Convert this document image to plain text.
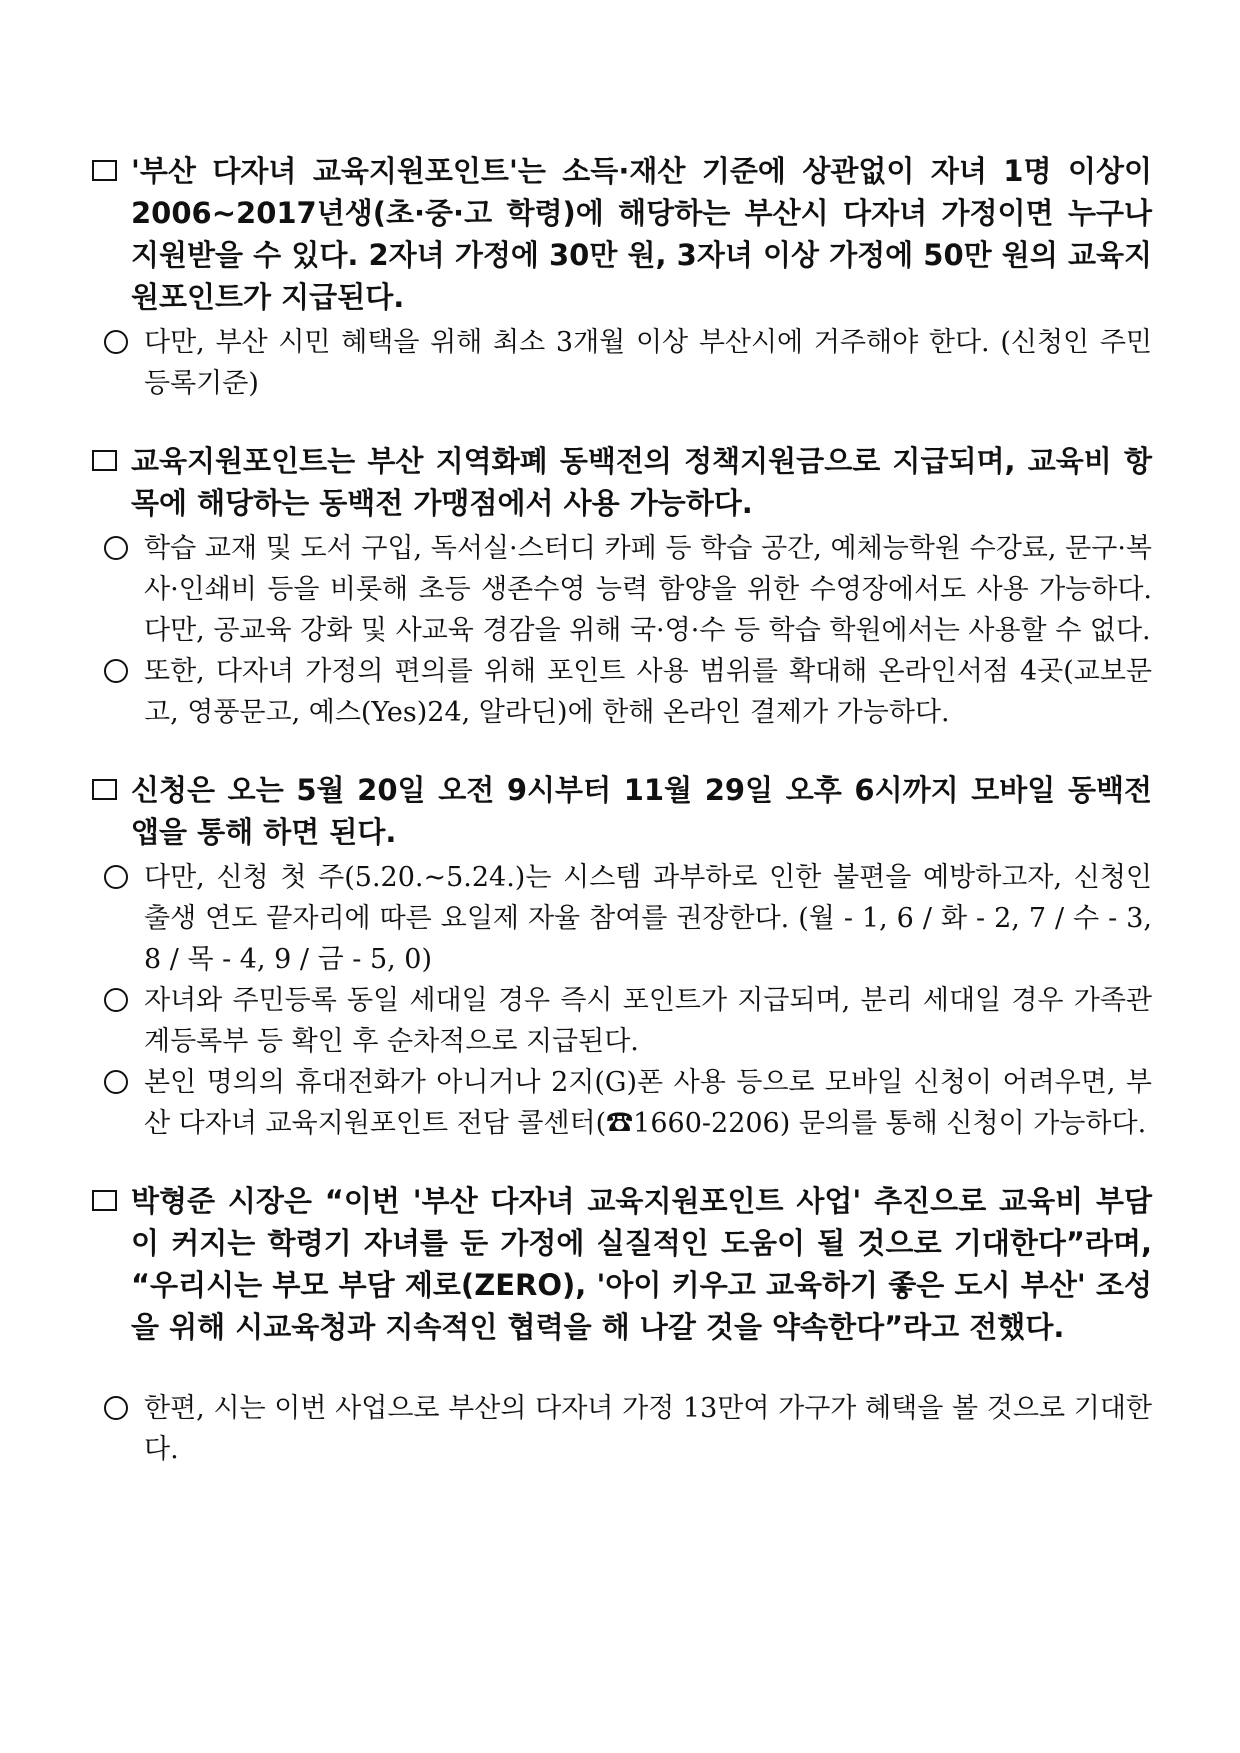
'부산 다자녀 교육지원포인트'는 소득·재산 기준에 상관없이 자녀 1명 이상이 2006~2017년생(초·중·고 학령)에 해당하는 부산시 다자녀 가정이면 누구나 지원받을 수 있다. 2자녀 가정에 30만 원, 3자녀 이상 가정에 50만 원의 교육지원포인트가 지급된다.
다만, 부산 시민 혜택을 위해 최소 3개월 이상 부산시에 거주해야 한다. (신청인 주민등록기준)
교육지원포인트는 부산 지역화폐 동백전의 정책지원금으로 지급되며, 교육비 항목에 해당하는 동백전 가맹점에서 사용 가능하다.
학습 교재 및 도서 구입, 독서실·스터디 카페 등 학습 공간, 예체능학원 수강료, 문구·복사·인쇄비 등을 비롯해 초등 생존수영 능력 함양을 위한 수영장에서도 사용 가능하다. 다만, 공교육 강화 및 사교육 경감을 위해 국·영·수 등 학습 학원에서는 사용할 수 없다.
또한, 다자녀 가정의 편의를 위해 포인트 사용 범위를 확대해 온라인서점 4곳(교보문고, 영풍문고, 예스(Yes)24, 알라딘)에 한해 온라인 결제가 가능하다.
신청은 오는 5월 20일 오전 9시부터 11월 29일 오후 6시까지 모바일 동백전 앱을 통해 하면 된다.
다만, 신청 첫 주(5.20.~5.24.)는 시스템 과부하로 인한 불편을 예방하고자, 신청인 출생 연도 끝자리에 따른 요일제 자율 참여를 권장한다. (월 - 1, 6 / 화 - 2, 7 / 수 - 3, 8 / 목 - 4, 9 / 금 - 5, 0)
자녀와 주민등록 동일 세대일 경우 즉시 포인트가 지급되며, 분리 세대일 경우 가족관계등록부 등 확인 후 순차적으로 지급된다.
본인 명의의 휴대전화가 아니거나 2지(G)폰 사용 등으로 모바일 신청이 어려우면, 부산 다자녀 교육지원포인트 전담 콜센터(☎1660-2206) 문의를 통해 신청이 가능하다.
박형준 시장은 “이번 '부산 다자녀 교육지원포인트 사업' 추진으로 교육비 부담이 커지는 학령기 자녀를 둔 가정에 실질적인 도움이 될 것으로 기대한다”라며, “우리시는 부모 부담 제로(ZERO), '아이 키우고 교육하기 좋은 도시 부산' 조성을 위해 시교육청과 지속적인 협력을 해 나갈 것을 약속한다”라고 전했다.
한편, 시는 이번 사업으로 부산의 다자녀 가정 13만여 가구가 혜택을 볼 것으로 기대한다.
